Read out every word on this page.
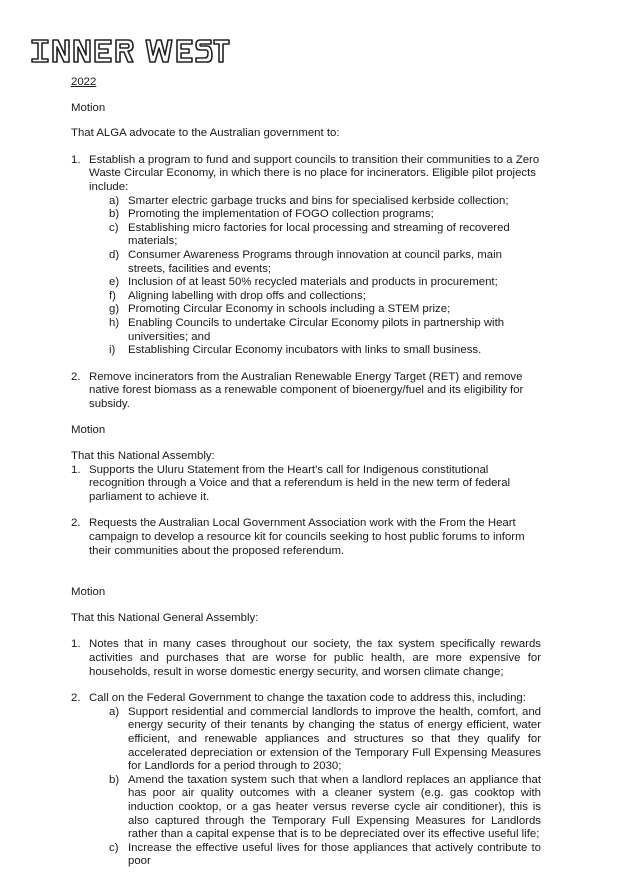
2022

Motion

That ALGA advocate to the Australian government to:

1. Establish a program to fund and support councils to transition their communities to a Zero Waste Circular Economy, in which there is no place for incinerators. Eligible pilot projects include:

a) Smarter electric garbage trucks and bins for specialised kerbside collection;
b) Promoting the implementation of FOGO collection programs;
c) Establishing micro factories for local processing and streaming of recovered materials;
d) Consumer Awareness Programs through innovation at council parks, main streets, facilities and events;
e) Inclusion of at least 50% recycled materials and products in procurement;
f) Aligning labelling with drop offs and collections;
g) Promoting Circular Economy in schools including a STEM prize;
h) Enabling Councils to undertake Circular Economy pilots in partnership with universities; and
i) Establishing Circular Economy incubators with links to small business.
2. Remove incinerators from the Australian Renewable Energy Target (RET) and remove native forest biomass as a renewable component of bioenergy/fuel and its eligibility for subsidy.

Motion

That this National Assembly:

1. Supports the Uluru Statement from the Heart’s call for Indigenous constitutional recognition through a Voice and that a referendum is held in the new term of federal parliament to achieve it.

2. Requests the Australian Local Government Association work with the From the Heart campaign to develop a resource kit for councils seeking to host public forums to inform their communities about the proposed referendum.

Motion

That this National General Assembly:

1. Notes that in many cases throughout our society, the tax system specifically rewards activities and purchases that are worse for public health, are more expensive for households, result in worse domestic energy security, and worsen climate change;

2. Call on the Federal Government to change the taxation code to address this, including:

a) Support residential and commercial landlords to improve the health, comfort, and energy security of their tenants by changing the status of energy efficient, water efficient, and renewable appliances and structures so that they qualify for accelerated depreciation or extension of the Temporary Full Expensing Measures for Landlords for a period through to 2030;
b) Amend the taxation system such that when a landlord replaces an appliance that has poor air quality outcomes with a cleaner system (e.g. gas cooktop with induction cooktop, or a gas heater versus reverse cycle air conditioner), this is also captured through the Temporary Full Expensing Measures for Landlords rather than a capital expense that is to be depreciated over its effective useful life;
c) Increase the effective useful lives for those appliances that actively contribute to poor
